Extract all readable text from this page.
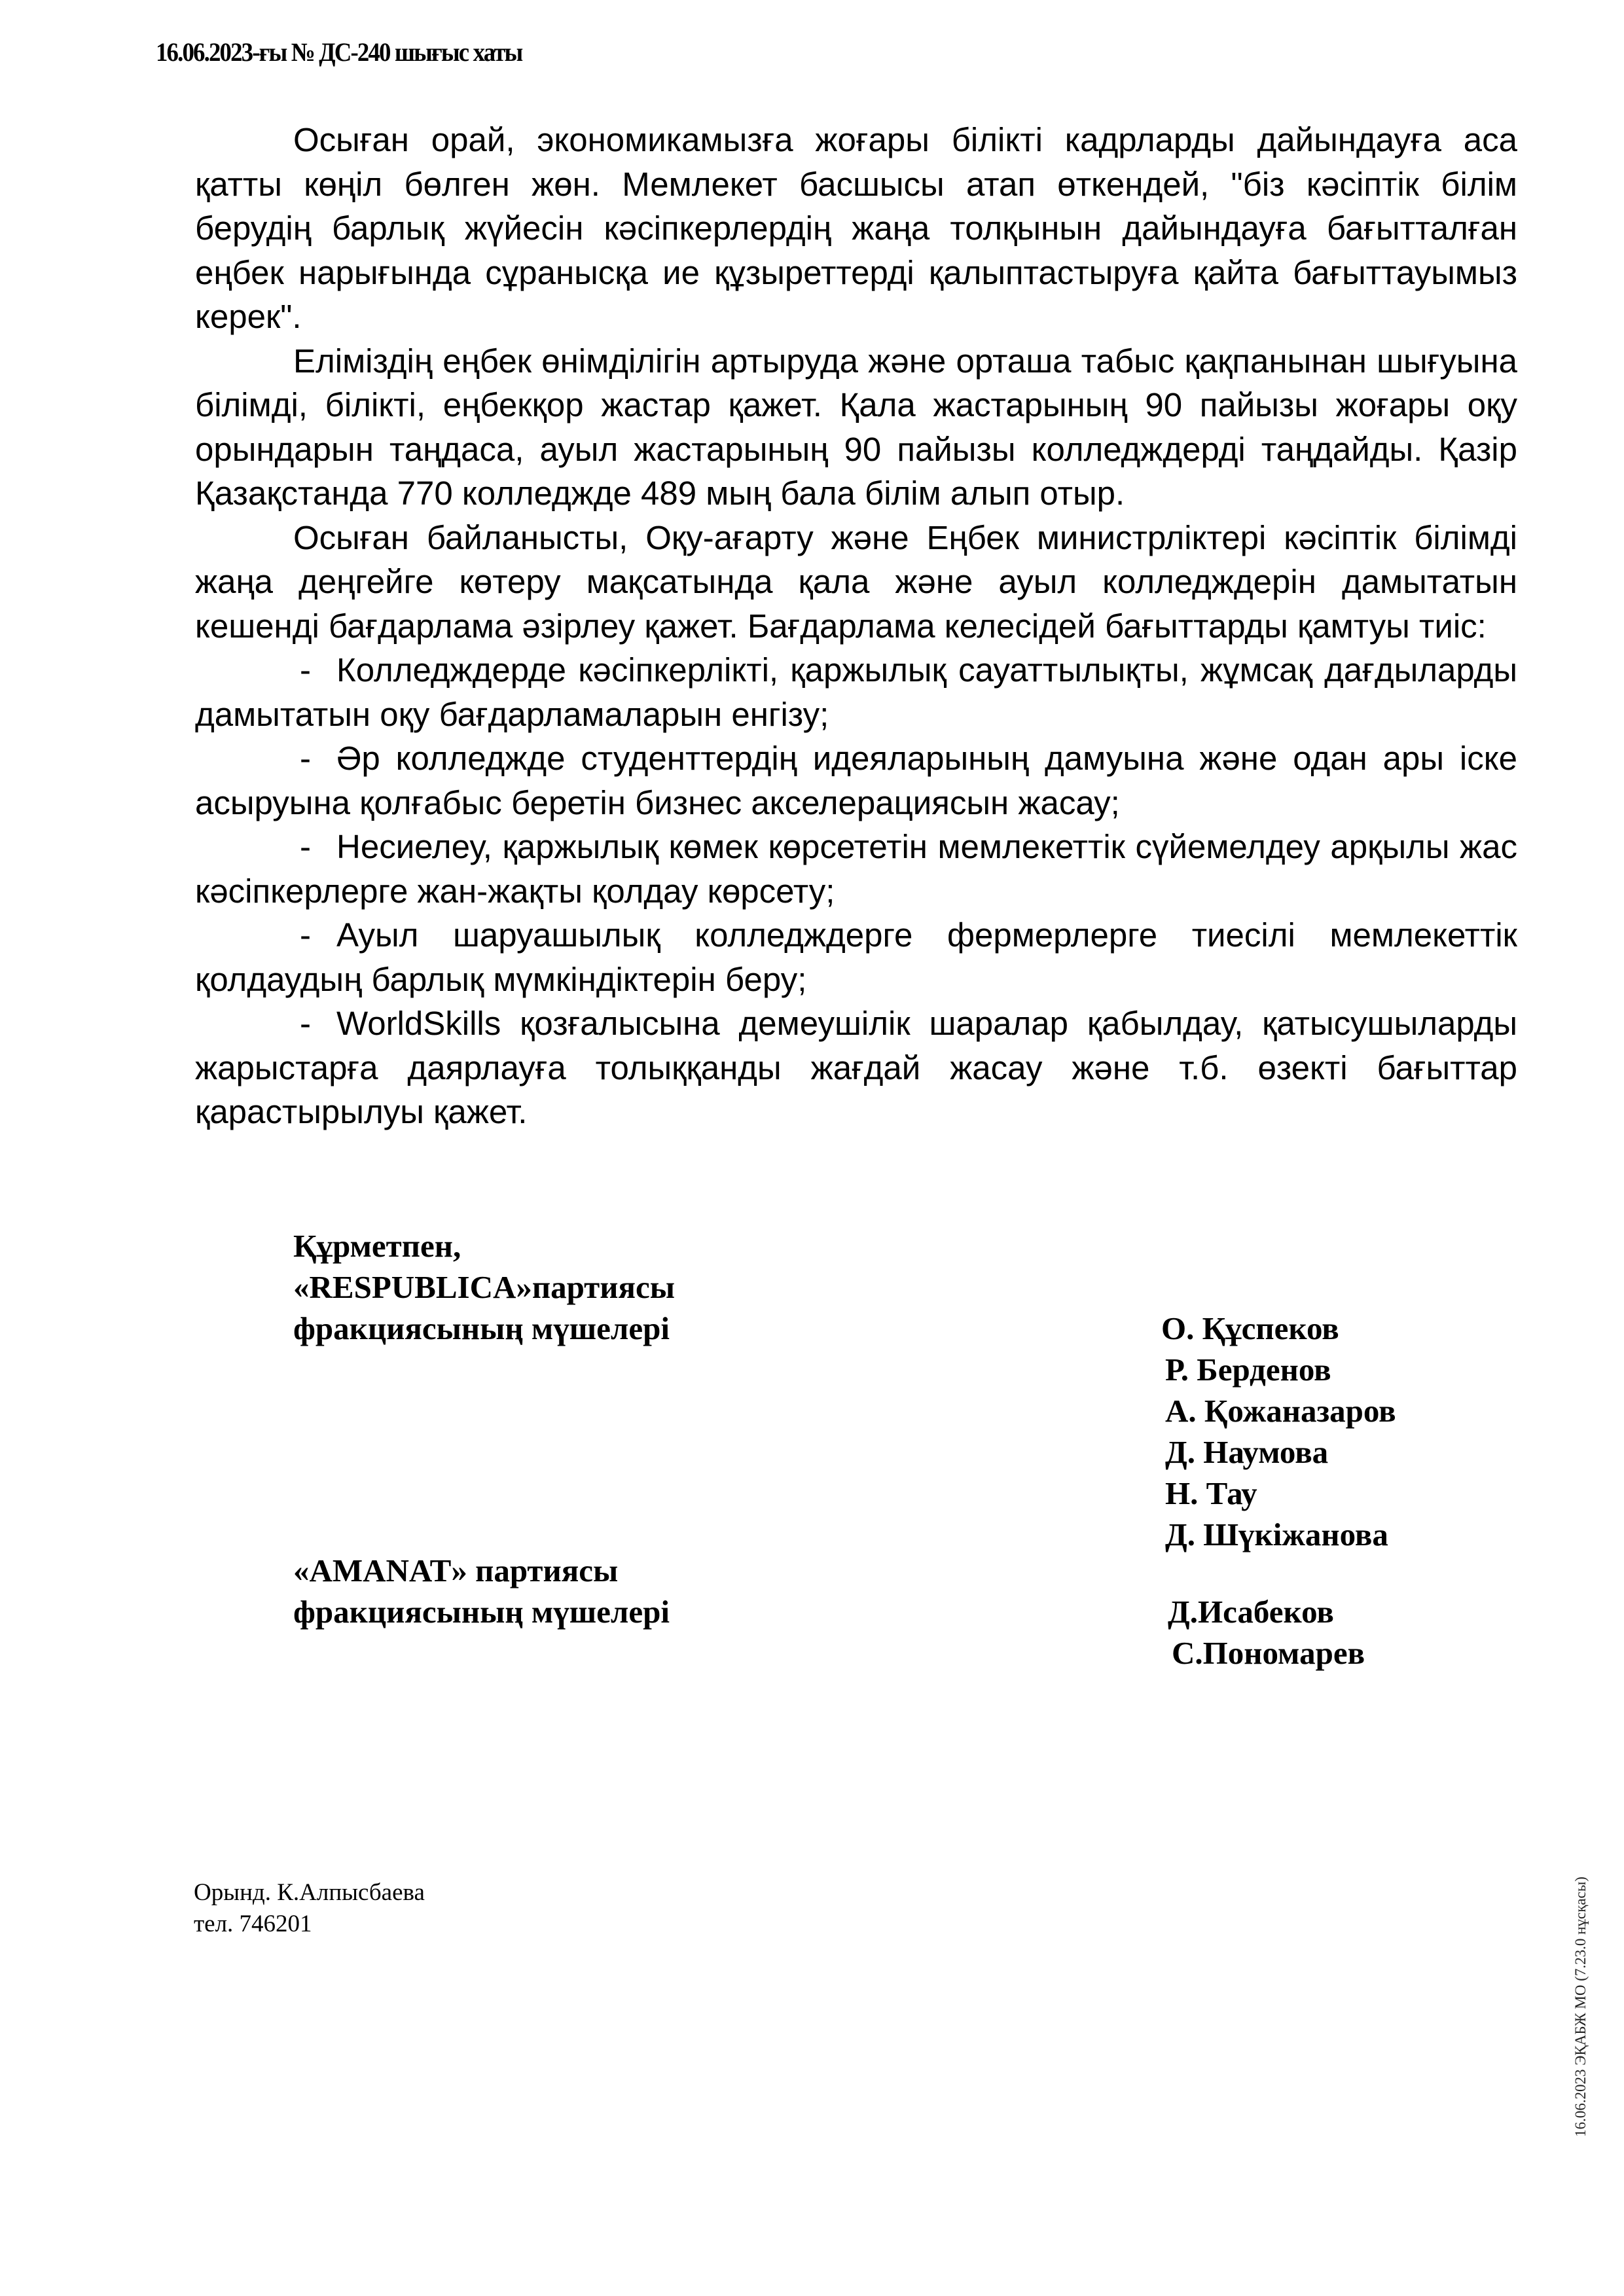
16.06.2023-ғы № ДС-240 шығыс хаты

Осыған орай, экономикамызға жоғары білікті кадрларды дайындауға аса қатты көңіл бөлген жөн. Мемлекет басшысы атап өткендей, "біз кәсіптік білім берудің барлық жүйесін кәсіпкерлердің жаңа толқынын дайындауға бағытталған еңбек нарығында сұранысқа ие құзыреттерді қалыптастыруға қайта бағыттауымыз керек".

Еліміздің еңбек өнімділігін артыруда және орташа табыс қақпанынан шығуына білімді, білікті, еңбекқор жастар қажет. Қала жастарының 90 пайызы жоғары оқу орындарын таңдаса, ауыл жастарының 90 пайызы колледждерді таңдайды. Қазір Қазақстанда 770 колледжде 489 мың бала білім алып отыр.

Осыған байланысты, Оқу-ағарту және Еңбек министрліктері кәсіптік білімді жаңа деңгейге көтеру мақсатында қала және ауыл колледждерін дамытатын кешенді бағдарлама әзірлеу қажет. Бағдарлама келесідей бағыттарды қамтуы тиіс:

- Колледждерде кәсіпкерлікті, қаржылық сауаттылықты, жұмсақ дағдыларды дамытатын оқу бағдарламаларын енгізу;

- Әр колледжде студенттердің идеяларының дамуына және одан ары іске асыруына қолғабыс беретін бизнес акселерациясын жасау;

- Несиелеу, қаржылық көмек көрсететін мемлекеттік сүйемелдеу арқылы жас кәсіпкерлерге жан-жақты қолдау көрсету;

- Ауыл шаруашылық колледждерге фермерлерге тиесілі мемлекеттік қолдаудың барлық мүмкіндіктерін беру;

- WorldSkills қозғалысына демеушілік шаралар қабылдау, қатысушыларды жарыстарға даярлауға толыққанды жағдай жасау және т.б. өзекті бағыттар қарастырылуы қажет.

Құрметпен,
«RESPUBLICA»партиясы
фракциясының мүшелері	О. Құспеков
Р. Берденов
А. Қожаназаров
Д. Наумова
Н. Тау
Д. Шүкіжанова
«AMANAT» партиясы
фракциясының мүшелері	Д.Исабеков
С.Пономарев
Орынд. К.Алпысбаева
тел. 746201	16.06.2023 ЭҚАБЖ МО (7.23.0 нұсқасы)
